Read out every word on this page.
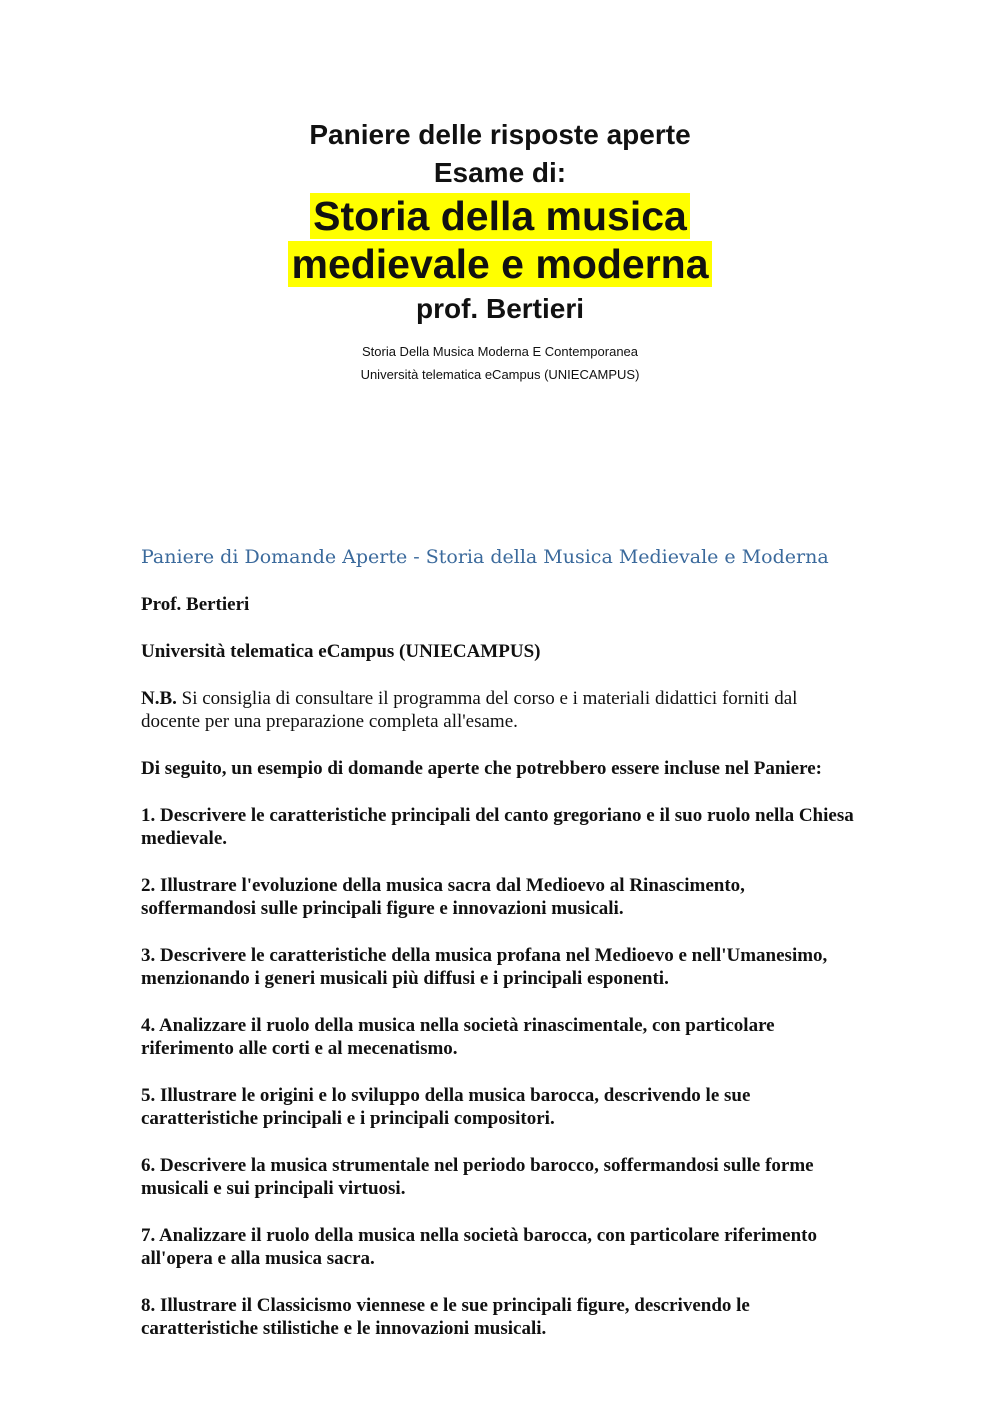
Paniere delle risposte aperte
Esame di:
Storia della musica
medievale e moderna
prof. Bertieri
Storia Della Musica Moderna E Contemporanea
Università telematica eCampus (UNIECAMPUS)
Paniere di Domande Aperte - Storia della Musica Medievale e Moderna

Prof. Bertieri

Università telematica eCampus (UNIECAMPUS)

N.B. Si consiglia di consultare il programma del corso e i materiali didattici forniti dal docente per una preparazione completa all'esame.

Di seguito, un esempio di domande aperte che potrebbero essere incluse nel Paniere:

1. Descrivere le caratteristiche principali del canto gregoriano e il suo ruolo nella Chiesa medievale.

2. Illustrare l'evoluzione della musica sacra dal Medioevo al Rinascimento, soffermandosi sulle principali figure e innovazioni musicali.

3. Descrivere le caratteristiche della musica profana nel Medioevo e nell'Umanesimo, menzionando i generi musicali più diffusi e i principali esponenti.

4. Analizzare il ruolo della musica nella società rinascimentale, con particolare riferimento alle corti e al mecenatismo.

5. Illustrare le origini e lo sviluppo della musica barocca, descrivendo le sue caratteristiche principali e i principali compositori.

6. Descrivere la musica strumentale nel periodo barocco, soffermandosi sulle forme musicali e sui principali virtuosi.

7. Analizzare il ruolo della musica nella società barocca, con particolare riferimento all'opera e alla musica sacra.

8. Illustrare il Classicismo viennese e le sue principali figure, descrivendo le caratteristiche stilistiche e le innovazioni musicali.
